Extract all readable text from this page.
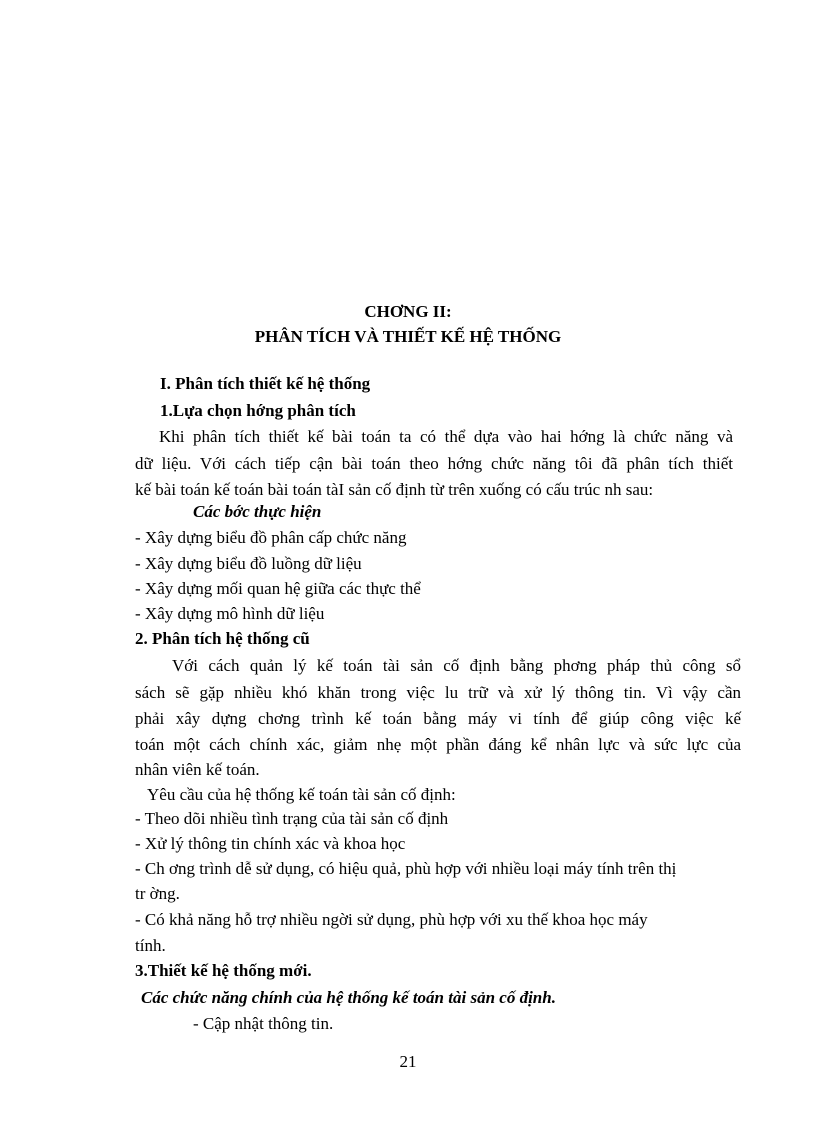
CHƠNG II:
PHÂN TÍCH VÀ THIẾT KẾ HỆ THỐNG
I. Phân tích thiết kế hệ thống
1.Lựa chọn hớng phân tích
Khi phân tích thiết kế bài toán ta có thể dựa vào hai hớng là chức năng và
dữ liệu. Với cách tiếp cận bài toán theo hớng chức năng tôi đã phân tích thiết
kế bài toán kế toán bài toán tàI sản cố định từ trên xuống có cấu trúc nh sau:
Các bớc thực hiện
- Xây dựng biểu đồ phân cấp chức năng
- Xây dựng biểu đồ luồng dữ liệu
- Xây dựng mối quan hệ giữa các thực thể
- Xây dựng mô hình dữ liệu
2. Phân tích hệ thống cũ
Với cách quản lý kế toán tài sản cố định bằng phơng pháp thủ công sổ
sách sẽ gặp nhiều khó khăn trong việc lu trữ và xử lý thông tin. Vì vậy cần
phải xây dựng chơng trình kế toán bằng máy vi tính để giúp công việc kế
toán một cách chính xác, giảm nhẹ một phần đáng kể nhân lực và sức lực của
nhân viên kế toán.
Yêu cầu của hệ thống kế toán tài sản cố định:
- Theo dõi nhiều tình trạng của tài sản cố định
- Xử lý thông tin chính xác và khoa học
- Ch ơng trình dễ sử dụng, có hiệu quả, phù hợp với nhiều loại máy tính trên thị
tr ờng.
- Có khả năng hỗ trợ nhiều ngời sử dụng, phù hợp với xu thế khoa học máy
tính.
3.Thiết kế hệ thống mới.
Các chức năng chính của hệ thống kế toán tài sản cố định.
- Cập nhật thông tin.
21
